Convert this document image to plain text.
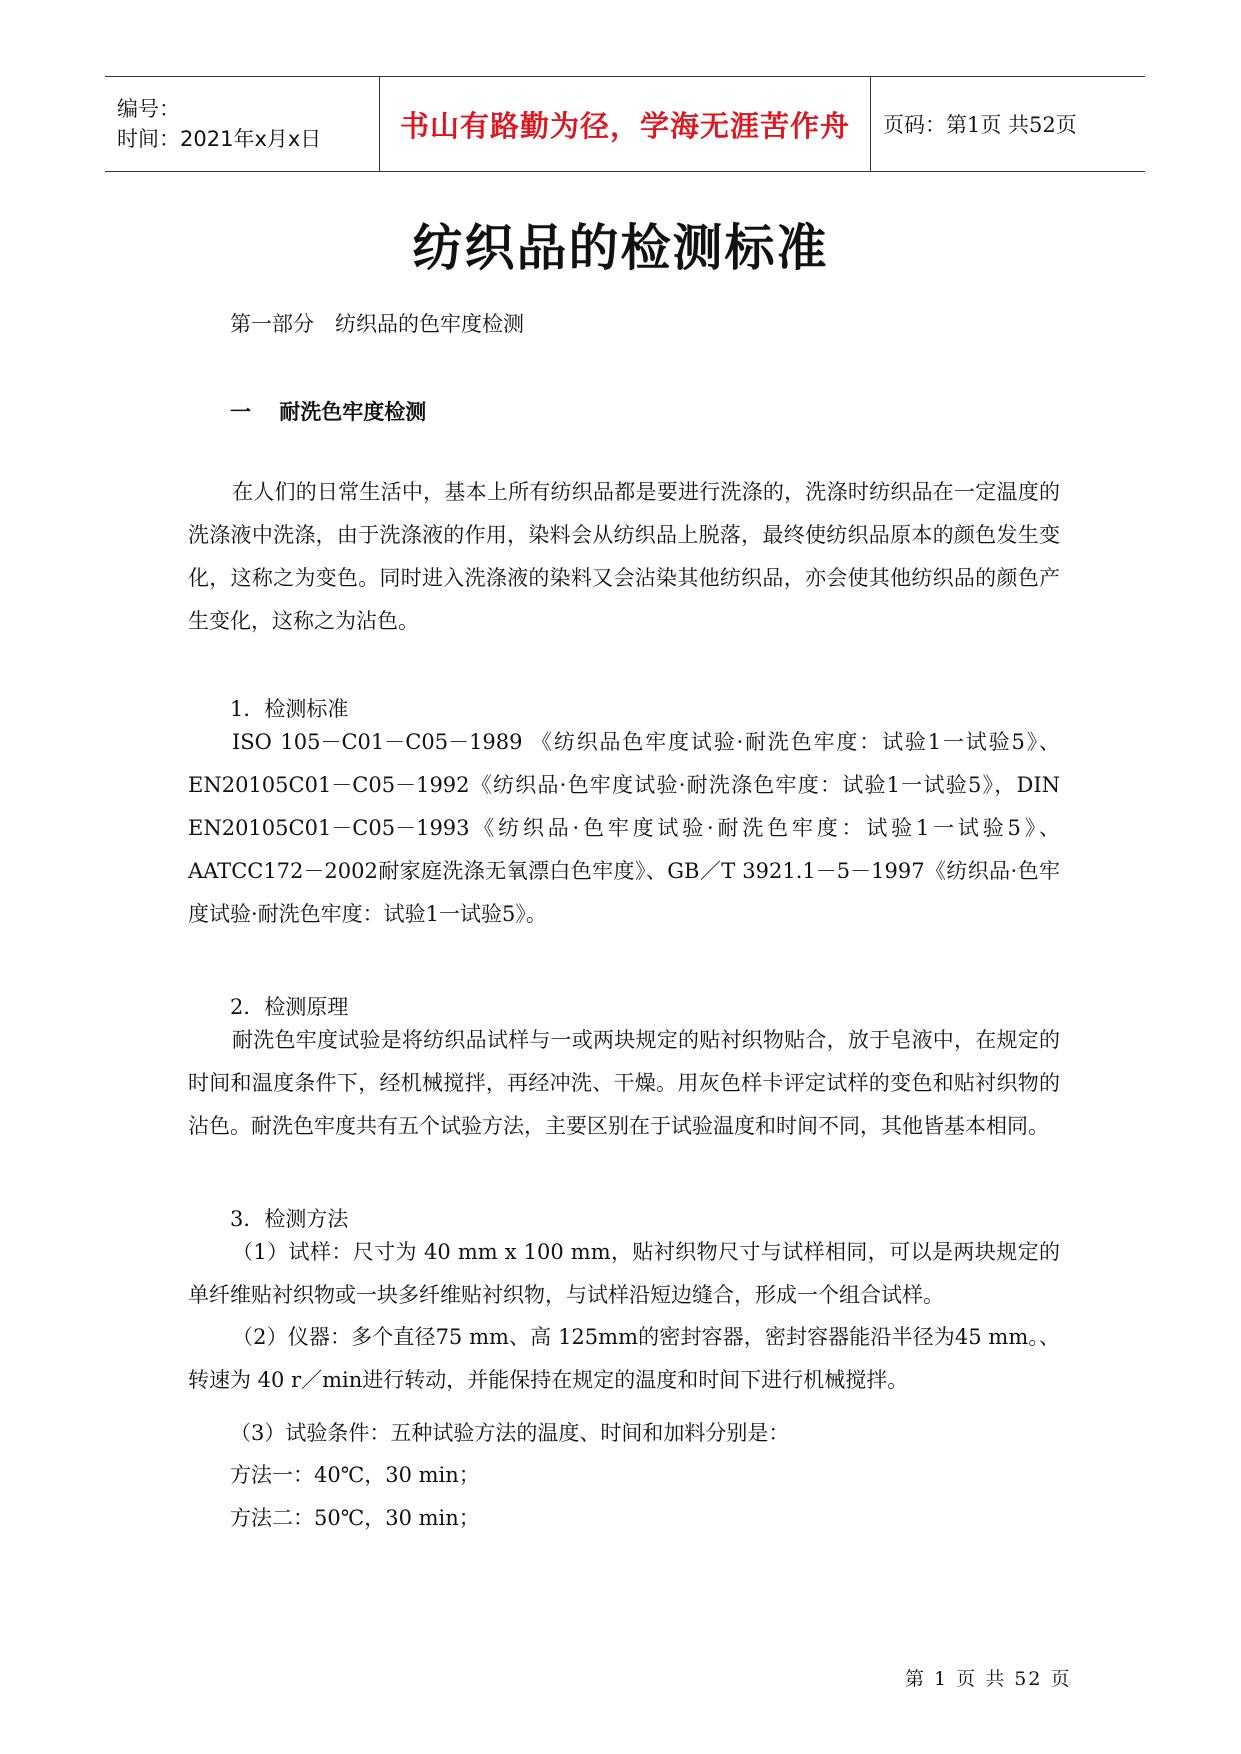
编号：
时间：2021年x月x日	书山有路勤为径，学海无涯苦作舟	页码：第1页 共52页
纺织品的检测标准
第一部分　纺织品的色牢度检测
一　 耐洗色牢度检测
在人们的日常生活中，基本上所有纺织品都是要进行洗涤的，洗涤时纺织品在一定温度的洗涤液中洗涤，由于洗涤液的作用，染料会从纺织品上脱落，最终使纺织品原本的颜色发生变化，这称之为变色。同时进入洗涤液的染料又会沾染其他纺织品，亦会使其他纺织品的颜色产生变化，这称之为沾色。
1．检测标准
ISO 105－C01－C05－1989 《纺织品色牢度试验·耐洗色牢度：试验1一试验5》、EN20105C01－C05－1992《纺织品·色牢度试验·耐洗涤色牢度：试验1一试验5》，DIN EN20105C01－C05－1993《纺织品·色牢度试验·耐洗色牢度：试验1一试验5》、AATCC172－2002耐家庭洗涤无氧漂白色牢度》、GB／T 3921.1－5－1997《纺织品·色牢度试验·耐洗色牢度：试验1一试验5》。
2．检测原理
耐洗色牢度试验是将纺织品试样与一或两块规定的贴衬织物贴合，放于皂液中，在规定的时间和温度条件下，经机械搅拌，再经冲洗、干燥。用灰色样卡评定试样的变色和贴衬织物的沾色。耐洗色牢度共有五个试验方法，主要区别在于试验温度和时间不同，其他皆基本相同。
3．检测方法
（1）试样：尺寸为 40 mm x 100 mm，贴衬织物尺寸与试样相同，可以是两块规定的单纤维贴衬织物或一块多纤维贴衬织物，与试样沿短边缝合，形成一个组合试样。
（2）仪器：多个直径75 mm、高 125mm的密封容器，密封容器能沿半径为45 mm。、转速为 40 r／min进行转动，并能保持在规定的温度和时间下进行机械搅拌。
（3）试验条件：五种试验方法的温度、时间和加料分别是：
方法一：40℃，30 min；
方法二：50℃，30 min；
第 1 页 共 52 页
